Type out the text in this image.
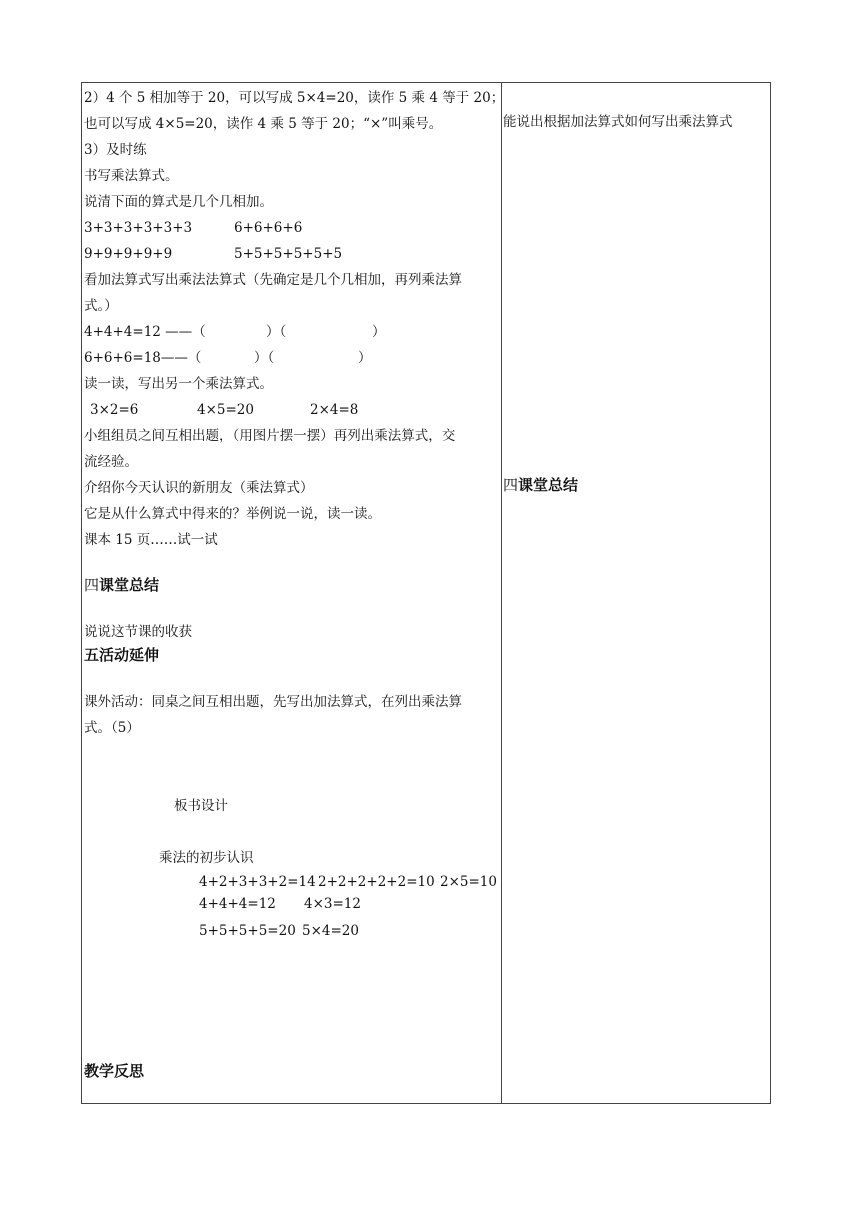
2）4 个 5 相加等于 20，可以写成 5×4=20，读作 5 乘 4 等于 20；
也可以写成 4×5=20，读作 4 乘 5 等于 20；“×”叫乘号。
3）及时练
书写乘法算式。
说清下面的算式是几个几相加。
3+3+3+3+3+3	6+6+6+6
9+9+9+9+9	5+5+5+5+5+5
看加法算式写出乘法法算式（先确定是几个几相加，再列乘法算
式。）
4+4+4=12 ——（	）（	）
6+6+6=18——（	）（	）
读一读，写出另一个乘法算式。
3×2=6	4×5=20	2×4=8
小组组员之间互相出题，（用图片摆一摆）再列出乘法算式，交
流经验。
介绍你今天认识的新朋友（乘法算式）
它是从什么算式中得来的？举例说一说，读一读。
课本 15 页……试一试
四课堂总结
说说这节课的收获
五活动延伸
课外活动：同桌之间互相出题，先写出加法算式，在列出乘法算
式。（5）
板书设计
乘法的初步认识
4+2+3+3+2=14 2+2+2+2+2=10 2×5=10
4+4+4=12 4×3=12
5+5+5+5=20 5×4=20
教学反思
能说出根据加法算式如何写出乘法算式
四课堂总结
